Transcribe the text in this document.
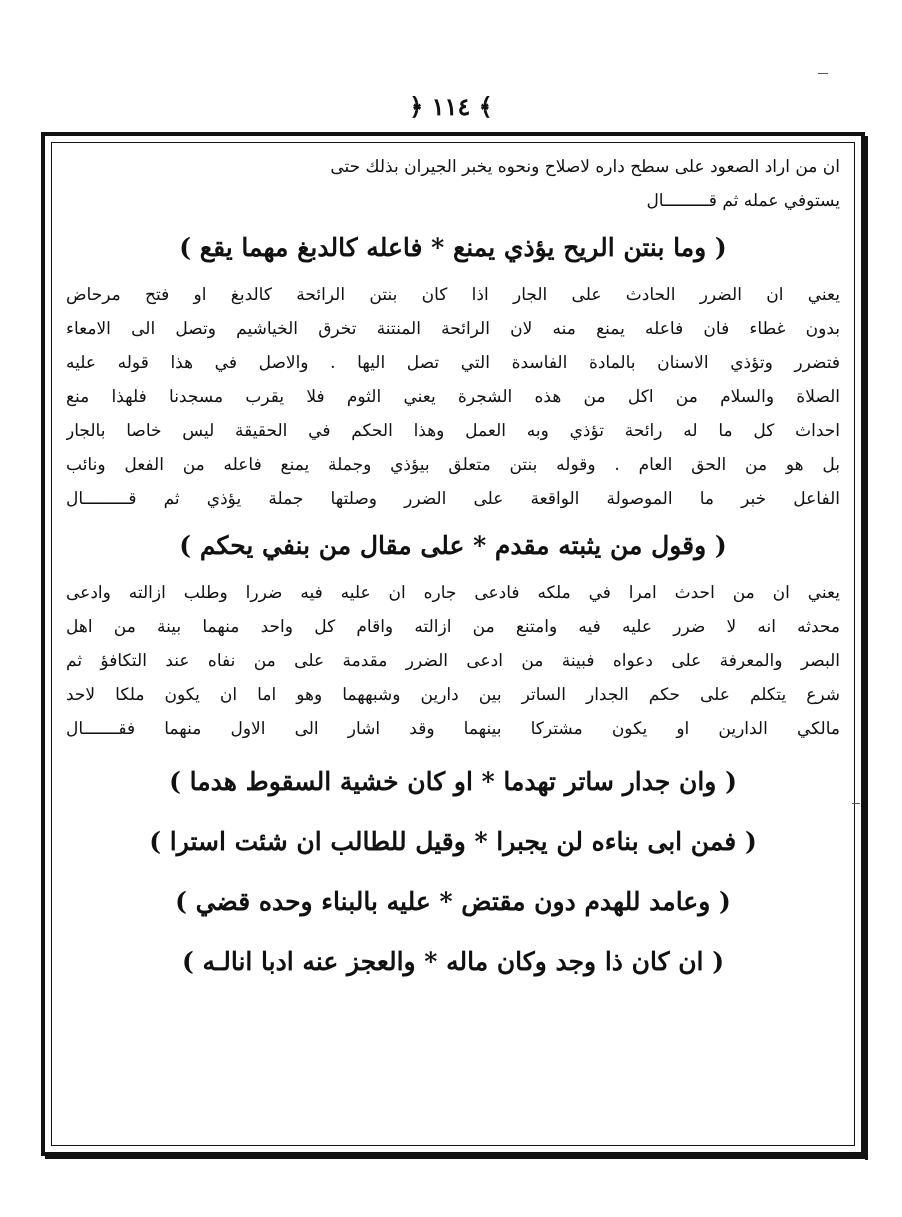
﴿ ١١٤ ﴾
ان من اراد الصعود على سطح داره لاصلاح ونحوه يخبر الجيران بذلك حتى
يستوفي عمله ثم قـــــــــال
( وما بنتن الريح يؤذي يمنع * فاعله كالدبغ مهما يقع )
يعني ان الضرر الحادث على الجار اذا كان بنتن الرائحة كالدبغ او فتح مرحاض
بدون غطاء فان فاعله يمنع منه لان الرائحة المنتنة تخرق الخياشيم وتصل الى الامعاء
فتضرر وتؤذي الاسنان بالمادة الفاسدة التي تصل اليها . والاصل في هذا قوله عليه
الصلاة والسلام من اكل من هذه الشجرة يعني الثوم فلا يقرب مسجدنا فلهذا منع
احداث كل ما له رائحة تؤذي وبه العمل وهذا الحكم في الحقيقة ليس خاصا بالجار
بل هو من الحق العام . وقوله بنتن متعلق بيؤذي وجملة يمنع فاعله من الفعل ونائب
الفاعل خبر ما الموصولة الواقعة على الضرر وصلتها جملة يؤذي ثم قـــــــــال
( وقول من يثبته مقدم * على مقال من بنفي يحكم )
يعني ان من احدث امرا في ملكه فادعى جاره ان عليه فيه ضررا وطلب ازالته وادعى
محدثه انه لا ضرر عليه فيه وامتنع من ازالته واقام كل واحد منهما بينة من اهل
البصر والمعرفة على دعواه فبينة من ادعى الضرر مقدمة على من نفاه عند التكافؤ ثم
شرع يتكلم على حكم الجدار الساتر بين دارين وشبههما وهو اما ان يكون ملكا لاحد
مالكي الدارين او يكون مشتركا بينهما وقد اشار الى الاول منهما فقـــــــال
( وان جدار ساتر تهدما * او كان خشية السقوط هدما )
( فمن ابى بناءه لن يجبرا * وقيل للطالب ان شئت استرا )
( وعامد للهدم دون مقتض * عليه بالبناء وحده قضي )
( ان كان ذا وجد وكان ماله * والعجز عنه ادبا انالـه )
